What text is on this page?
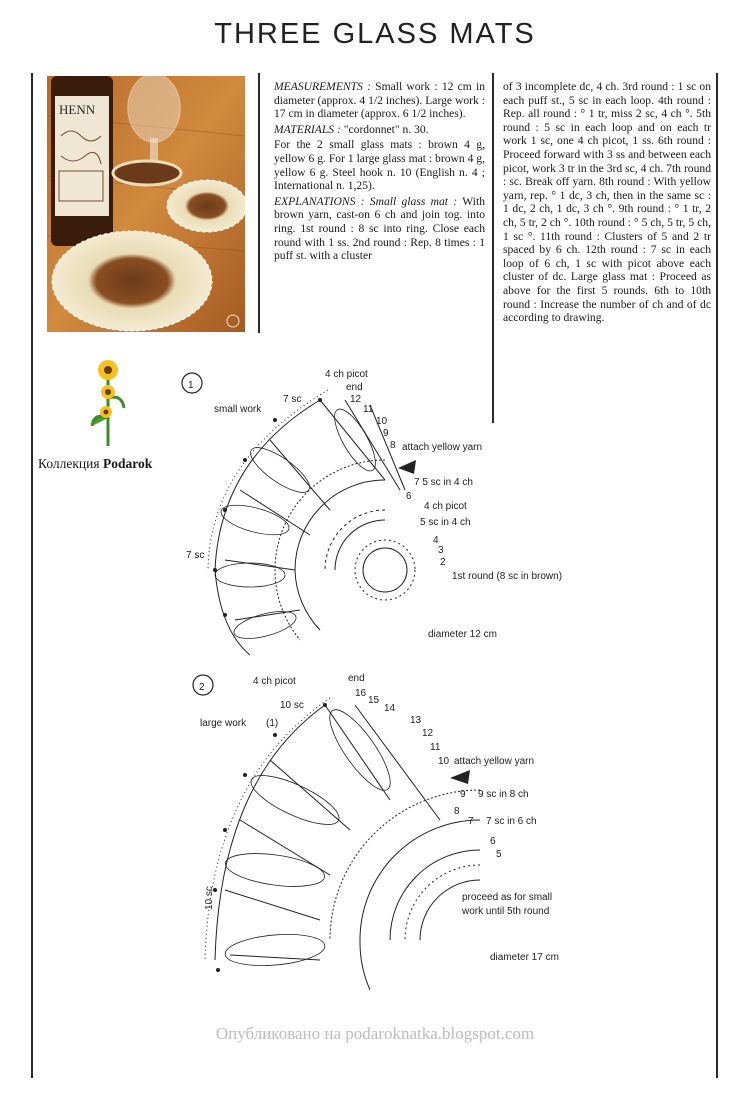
THREE GLASS MATS
HENN

MEASUREMENTS : Small work : 12 cm in diameter (approx. 4 1/2 inches). Large work : 17 cm in diameter (approx. 6 1/2 inches).

MATERIALS : "cordonnet" n. 30.

For the 2 small glass mats : brown 4 g, yellow 6 g. For 1 large glass mat : brown 4 g, yellow 6 g. Steel hook n. 10 (English n. 4 ; International n. 1,25).

EXPLANATIONS : Small glass mat : With brown yarn, cast-on 6 ch and join tog. into ring. 1st round : 8 sc into ring. Close each round with 1 ss. 2nd round : Rep. 8 times : 1 puff st. with a cluster

of 3 incomplete dc, 4 ch. 3rd round : 1 sc on each puff st., 5 sc in each loop. 4th round : Rep. all round : ° 1 tr, miss 2 sc, 4 ch °. 5th round : 5 sc in each loop and on each tr work 1 sc, one 4 ch picot, 1 ss. 6th round : Proceed forward with 3 ss and between each picot, work 3 tr in the 3rd sc, 4 ch. 7th round : sc. Break off yarn. 8th round : With yellow yarn, rep. ° 1 dc, 3 ch, then in the same sc : 1 dc, 2 ch, 1 dc, 3 ch °. 9th round : ° 1 tr, 2 ch, 5 tr, 2 ch °. 10th round : ° 5 ch, 5 tr, 5 ch, 1 sc °. 11th round : Clusters of 5 and 2 tr spaced by 6 ch. 12th round : 7 sc in each loop of 6 ch, 1 sc with picot above each cluster of dc. Large glass mat : Proceed as above for the first 5 rounds. 6th to 10th round : Increase the number of ch and of dc according to drawing.

Коллекция Podarok
1
4 ch picot
end
small work
7 sc	12
11
10
9
8 attach yellow yarn
7 5 sc in 4 ch
6
4 ch picot
5 sc in 4 ch
4
3
2
7 sc
1st round (8 sc in brown)
diameter 12 cm
2
4 ch picot	end
large work (1)
10 sc
16
15
14
13
12
11
10 attach yellow yarn
9 9 sc in 8 ch
8
7 7 sc in 6 ch
6
5
proceed as for small
work until 5th round
10 sc
diameter 17 cm
Опубликовано на podaroknatka.blogspot.com
